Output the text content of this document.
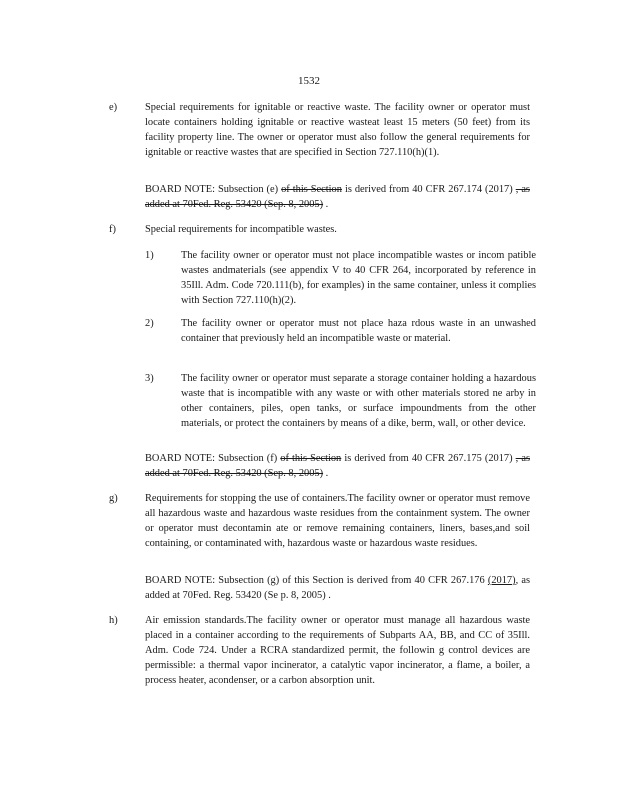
1532
e)	Special requirements for ignitable or reactive waste. The facility owner or operator must locate containers holding ignitable or reactive wasteat least 15 meters (50 feet) from its facility property line. The owner or operator must also follow the general requirements for ignitable or reactive wastes that are specified in Section 727.110(h)(1).
BOARD NOTE: Subsection (e) of this Section is derived from 40 CFR 267.174 (2017) , as added at 70Fed. Reg. 53420 (Sep. 8, 2005) .
f)	Special requirements for incompatible wastes.
1)	The facility owner or operator must not place incompatible wastes or incom patible wastes andmaterials (see appendix V to 40 CFR 264, incorporated by reference in 35Ill. Adm. Code 720.111(b), for examples) in the same container, unless it complies with Section 727.110(h)(2).
2)	The facility owner or operator must not place haza rdous waste in an unwashed container that previously held an incompatible waste or material.
3)	The facility owner or operator must separate a storage container holding a hazardous waste that is incompatible with any waste or with other materials stored ne arby in other containers, piles, open tanks, or surface impoundments from the other materials, or protect the containers by means of a dike, berm, wall, or other device.
BOARD NOTE: Subsection (f) of this Section is derived from 40 CFR 267.175 (2017) , as added at 70Fed. Reg. 53420 (Sep. 8, 2005) .
g)	Requirements for stopping the use of containers.The facility owner or operator must remove all hazardous waste and hazardous waste residues from the containment system. The owner or operator must decontamin ate or remove remaining containers, liners, bases,and soil containing, or contaminated with, hazardous waste or hazardous waste residues.
BOARD NOTE: Subsection (g) of this Section is derived from 40 CFR 267.176 (2017), as added at 70Fed. Reg. 53420 (Se p. 8, 2005) .
h)	Air emission standards.The facility owner or operator must manage all hazardous waste placed in a container according to the requirements of Subparts AA, BB, and CC of 35Ill. Adm. Code 724. Under a RCRA standardized permit, the followin g control devices are permissible: a thermal vapor incinerator, a catalytic vapor incinerator, a flame, a boiler, a process heater, acondenser, or a carbon absorption unit.
